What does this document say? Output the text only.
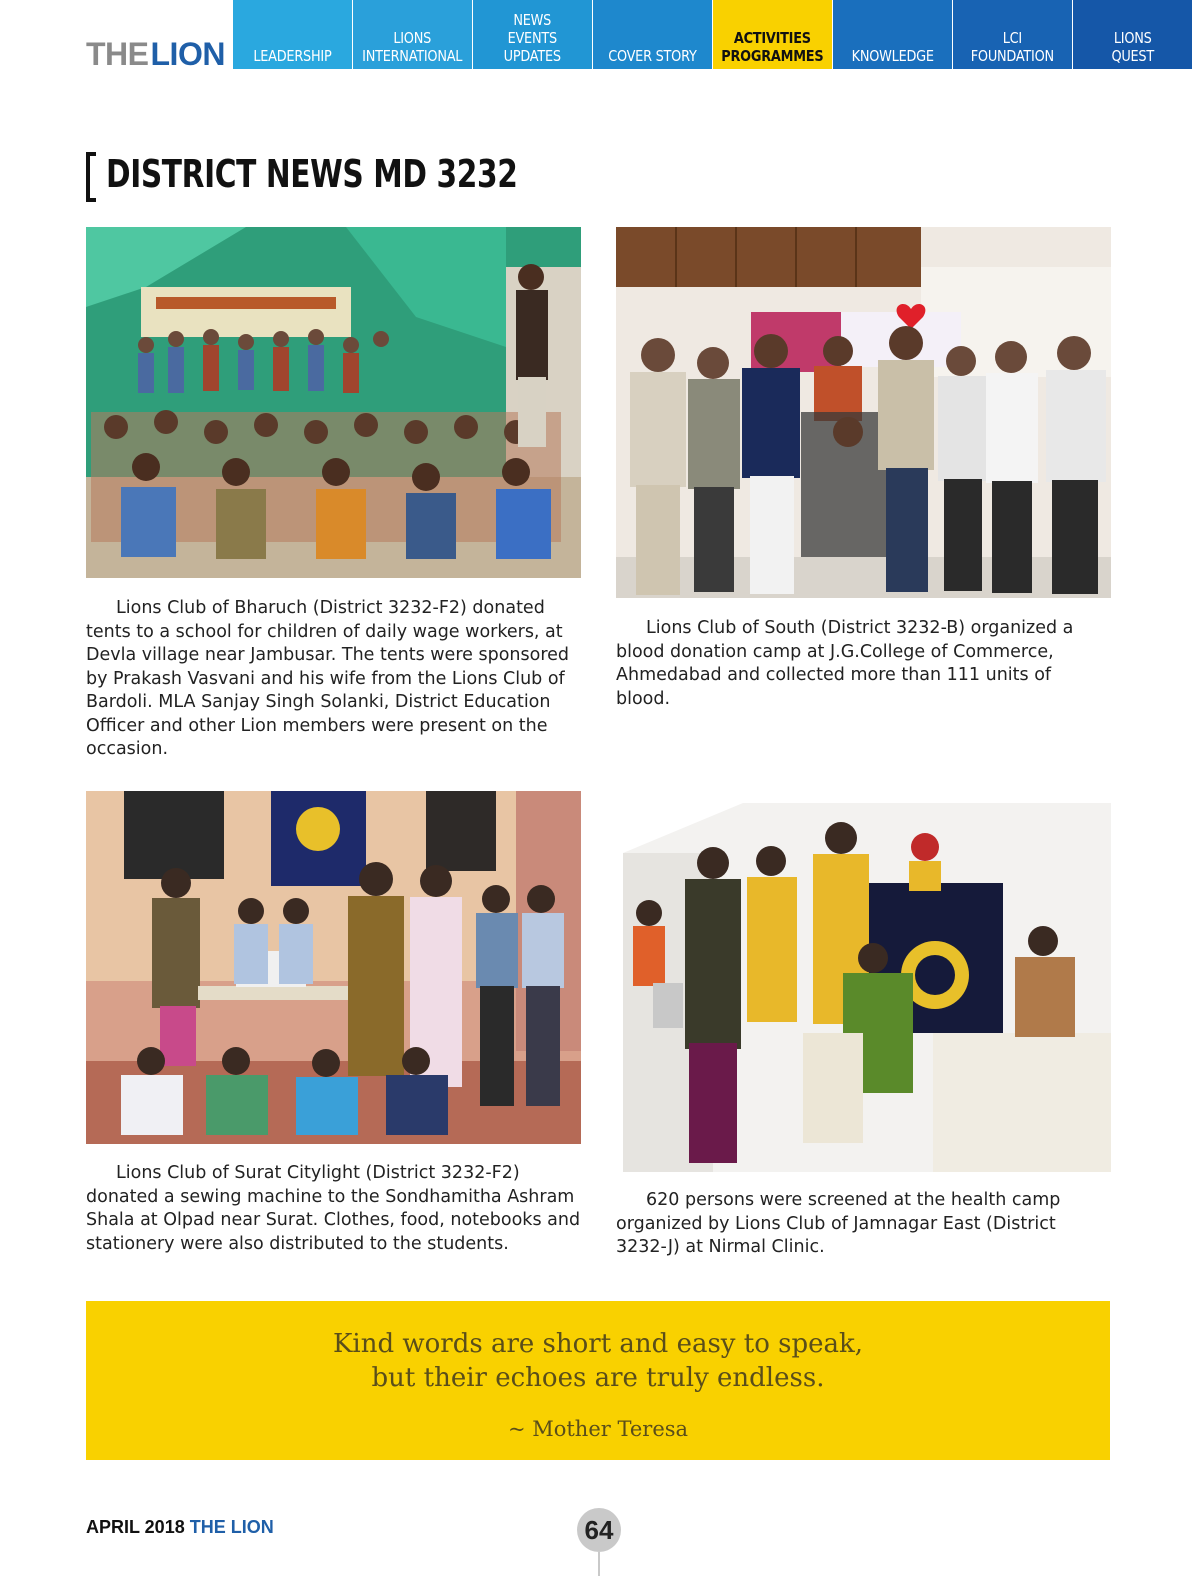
THELION LEADERSHIP
LIONS
INTERNATIONAL
NEWS
EVENTS
UPDATES	COVER STORY
ACTIVITIES
PROGRAMMES KNOWLEDGE
LCI
FOUNDATION
LIONS
QUEST
DISTRICT NEWS MD 3232

Lions Club of Bharuch (District 3232-F2) donated tents to a school for children of daily wage workers, at Devla village near Jambusar. The tents were sponsored by Prakash Vasvani and his wife from the Lions Club of Bardoli. MLA Sanjay Singh Solanki, District Education Officer and other Lion members were present on the occasion.

Lions Club of South (District 3232-B) organized a blood donation camp at J.G.College of Commerce, Ahmedabad and collected more than 111 units of blood.

Lions Club of Surat Citylight (District 3232-F2) donated a sewing machine to the Sondhamitha Ashram Shala at Olpad near Surat. Clothes, food, notebooks and stationery were also distributed to the students.

620 persons were screened at the health camp organized by Lions Club of Jamnagar East (District 3232-J) at Nirmal Clinic.

Kind words are short and easy to speak,
but their echoes are truly endless.
~ Mother Teresa
APRIL 2018 THE LION	64
